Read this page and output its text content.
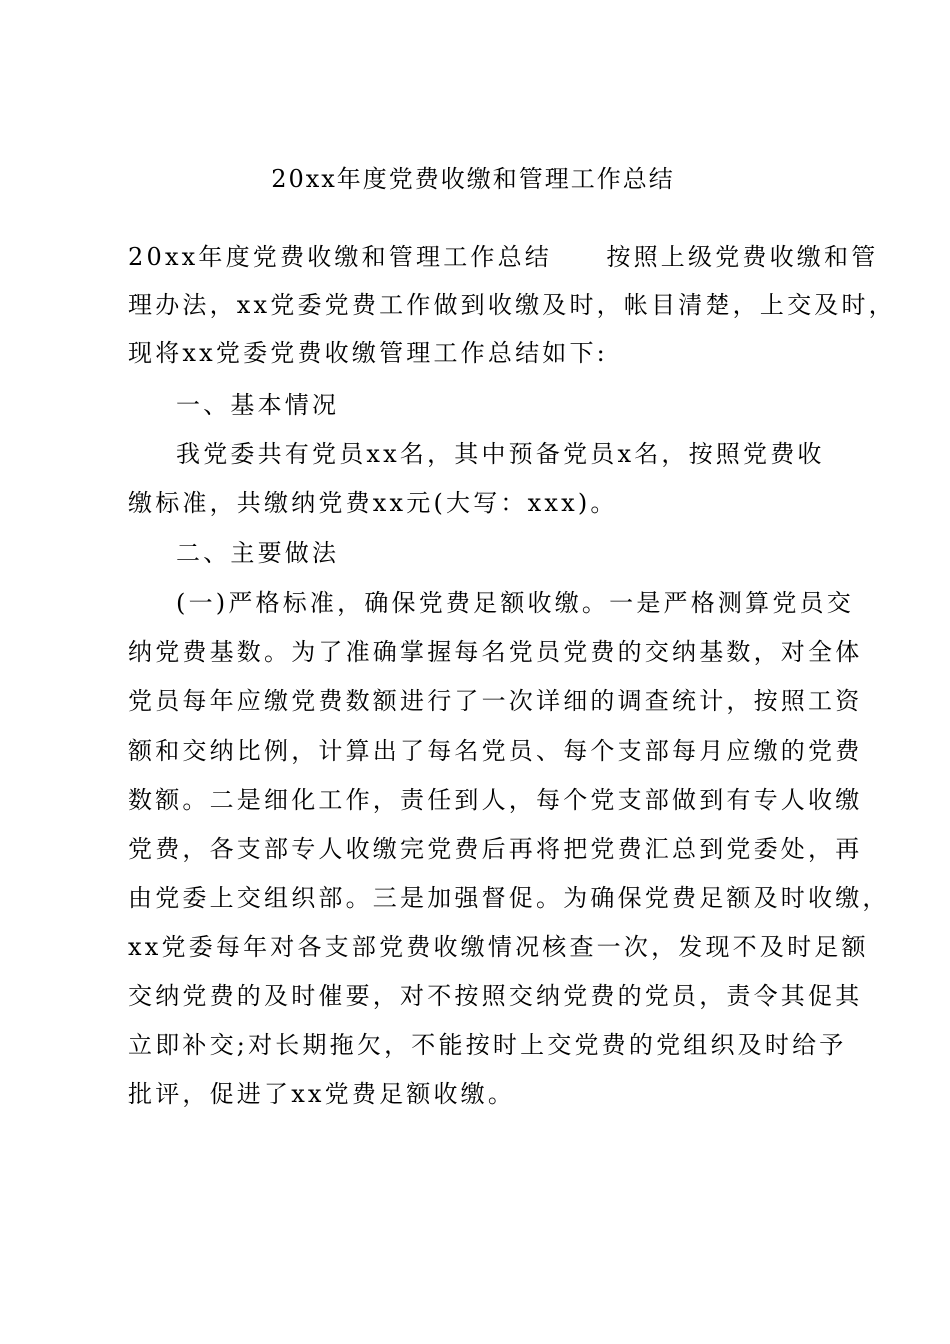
20xx年度党费收缴和管理工作总结
20xx年度党费收缴和管理工作总结　　按照上级党费收缴和管
理办法，xx党委党费工作做到收缴及时，帐目清楚，上交及时，
现将xx党委党费收缴管理工作总结如下:
一、基本情况
我党委共有党员xx名，其中预备党员x名，按照党费收
缴标准，共缴纳党费xx元(大写：xxx)。
二、主要做法
(一)严格标准，确保党费足额收缴。一是严格测算党员交
纳党费基数。为了准确掌握每名党员党费的交纳基数，对全体
党员每年应缴党费数额进行了一次详细的调查统计，按照工资
额和交纳比例，计算出了每名党员、每个支部每月应缴的党费
数额。二是细化工作，责任到人，每个党支部做到有专人收缴
党费，各支部专人收缴完党费后再将把党费汇总到党委处，再
由党委上交组织部。三是加强督促。为确保党费足额及时收缴，
xx党委每年对各支部党费收缴情况核查一次，发现不及时足额
交纳党费的及时催要，对不按照交纳党费的党员，责令其促其
立即补交;对长期拖欠，不能按时上交党费的党组织及时给予
批评，促进了xx党费足额收缴。
